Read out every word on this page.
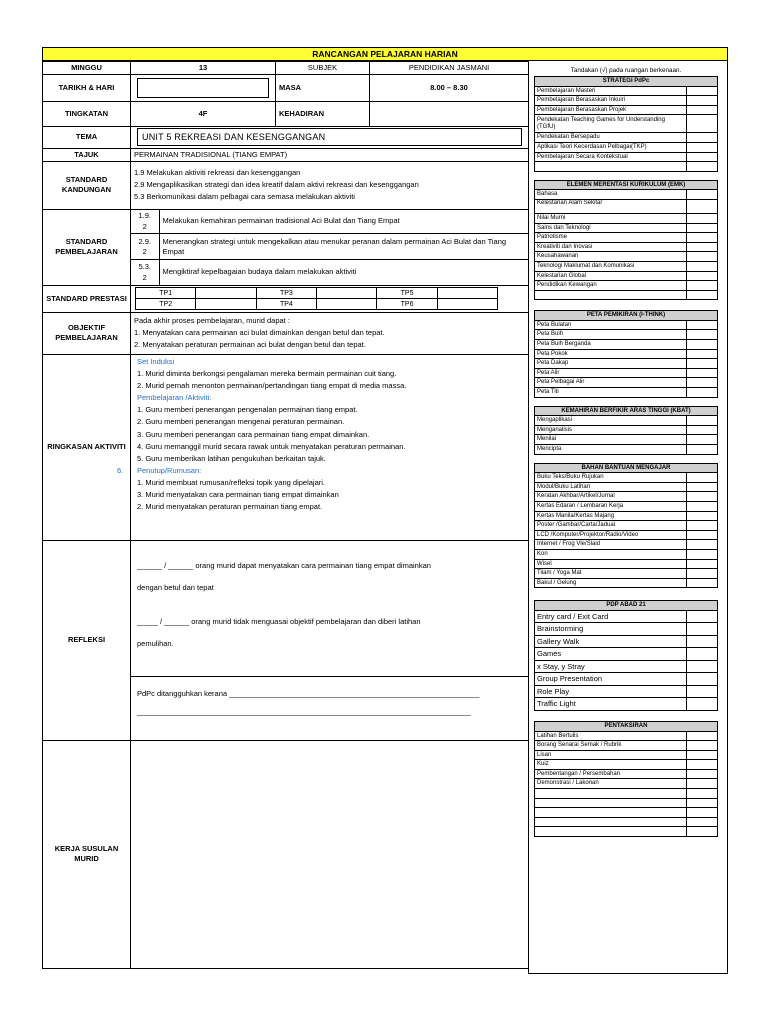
RANCANGAN PELAJARAN HARIAN

MINGGU	13	SUBJEK	PENDIDIKAN JASMANI
TARIKH & HARI		MASA	8.00 – 8.30
TINGKATAN	4F	KEHADIRAN	
TEMA	UNIT 5 REKREASI DAN KESENGGANGAN

TAJUK	PERMAINAN TRADISIONAL (TIANG EMPAT)
STANDARD KANDUNGAN	
1.9 Melakukan aktiviti rekreasi dan kesenggangan
2.9 Mengaplikasikan strategi dan idea kreatif dalam aktivi rekreasi dan kesenggangan
5.3 Berkomunikasi dalam pelbagai cara semasa melakukan aktiviti

STANDARD PEMBELAJARAN	
1.9.
2	Melakukan kemahiran permainan tradisional Aci Bulat dan Tiang Empat
2.9.
2	Menerangkan strategi untuk mengekalkan atau menukar peranan dalam permainan Aci Bulat dan Tiang Empat
5.3.
2	Mengiktiraf kepelbagaian budaya dalam melakukan aktiviti

STANDARD PRESTASI	
TP1		TP3		TP5	
TP2		TP4		TP6	

OBJEKTIF PEMBELAJARAN	
Pada akhir proses pembelajaran, murid dapat :
1. Menyatakan cara permainan aci bulat dimainkan dengan betul dan tepat.
2. Menyatakan peraturan permainan aci bulat dengan betul dan tepat.

RINGKASAN AKTIVITI	
Set Induksi
1. Murid diminta berkongsi pengalaman mereka bermain permainan cuit tiang.
2. Murid pernah menonton permainan/pertandingan tiang empat di media massa.
Pembelajaran /Aktiviti:
1. Guru memberi penerangan pengenalan permainan tiang empat.
2. Guru memberi penerangan mengenai peraturan permainan.
3. Guru memberi penerangan cara permainan tiang empat dimainkan.
4. Guru memanggil murid secara rawak untuk menyatakan peraturan permainan.
5. Guru memberikan latihan pengukuhan berkaitan tajuk.
6. Penutup/Rumusan:
1. Murid membuat rumusan/refleksi topik yang dipelajari.
3. Murid menyatakan cara permainan tiang empat dimainkan
2. Murid menyatakan peraturan permainan tiang empat.

REFLEKSI	
______ / ______ orang murid dapat menyatakan cara permainan tiang empat dimainkan
dengan betul dan tepat
_____ / ______ orang murid tidak menguasai objektif pembelajaran dan diberi latihan
pemulihan.
PdPc ditangguhkan kerana ____________________________________________________________
________________________________________________________________________________

KERJA SUSULAN MURID	
Tandakan (√) pada ruangan berkenaan.
STRATEGI PdPc	
Pembelajaran Masteri	
Pembelajaran Berasaskan Inkuiri	
Pembelajaran Berasaskan Projek	
Pendekatan Teaching Games for Understanding (TGfU)	
Pendekatan Bersepadu	
Aplikasi Teori Kecerdasan Pelbagai(TKP)	
Pembelajaran Secara Kontekstual	

ELEMEN MERENTASI KURIKULUM (EMK)	
Bahasa	
Kelestarian Alam Sekitar	
Nilai Murni	
Sains dan Teknologi	
Patriotisme	
Kreativiti dan Inovasi	
Keusahawanan	
Teknologi Maklumat dan Komunikasi	
Kelestarian Global	
Pendidikan Kewangan	

PETA PEMIKIRAN (I-THINK)	
Peta Bulatan	
Peta Buih	
Peta Buih Berganda	
Peta Pokok	
Peta Dakap	
Peta Alir	
Peta Pelbagai Alir	
Peta Titi	
KEMAHIRAN BERFIKIR ARAS TINGGI (KBAT)	
Mengaplikasi	
Menganalisis	
Menilai	
Mencipta	
BAHAN BANTUAN MENGAJAR	
Buku Teks/Buku Rujukan	
Modul/Buku Latihan	
Keratan Akhbar/Artikel/Jurnal	
Kertas Edaran / Lembaran Kerja	
Kertas Manila/Kertas Majang	
Poster /Gambar/Carta/Jadual	
LCD /Komputer/Projektor/Radio/Video	
Internet / Frog Vle/Slaid	
Kon	
Wisel	
Tilam / Yoga Mat	
Bakul / Gelung	
PDP ABAD 21	
Entry card / Exit Card	
Brainstorming	
Gallery Walk	
Games	
x Stay, y Stray	
Group Presentation	
Role Play	
Traffic Light	
PENTAKSIRAN	
Latihan Bertulis	
Borang Senarai Semak / Rubrik	
Lisan	
Kuiz	
Pembentangan / Persembahan	
Demonstrasi / Lakonan	
